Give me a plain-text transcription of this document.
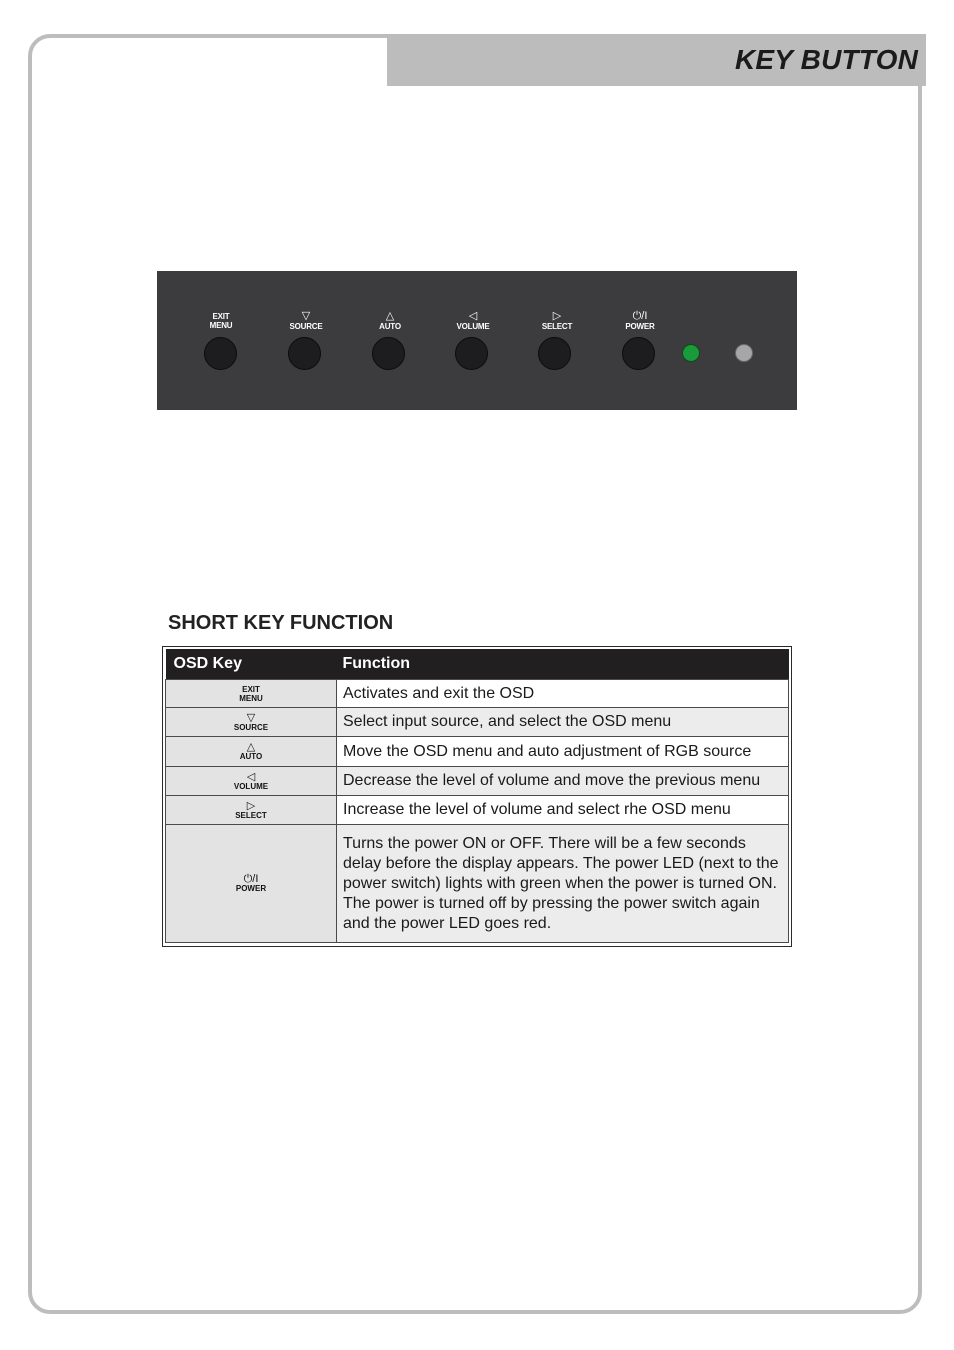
KEY BUTTON
EXIT
MENU
▽
SOURCE
△
AUTO
◁
VOLUME
▷
SELECT
⏻/I
POWER
SHORT KEY FUNCTION
OSD Key	Function

EXIT
MENU	Activates and exit the OSD

▽
SOURCE	Select input source, and select the OSD menu

△
AUTO	Move the OSD menu and auto adjustment of RGB source

◁
VOLUME	Decrease the level of volume and move the previous menu

▷
SELECT	Increase the level of volume and select rhe OSD menu

⏻/I
POWER	Turns the power ON or OFF. There will be a few seconds delay before the display appears. The power LED (next to the power switch) lights with green when the power is turned ON. The power is turned off by pressing the power switch again and the power LED goes red.
